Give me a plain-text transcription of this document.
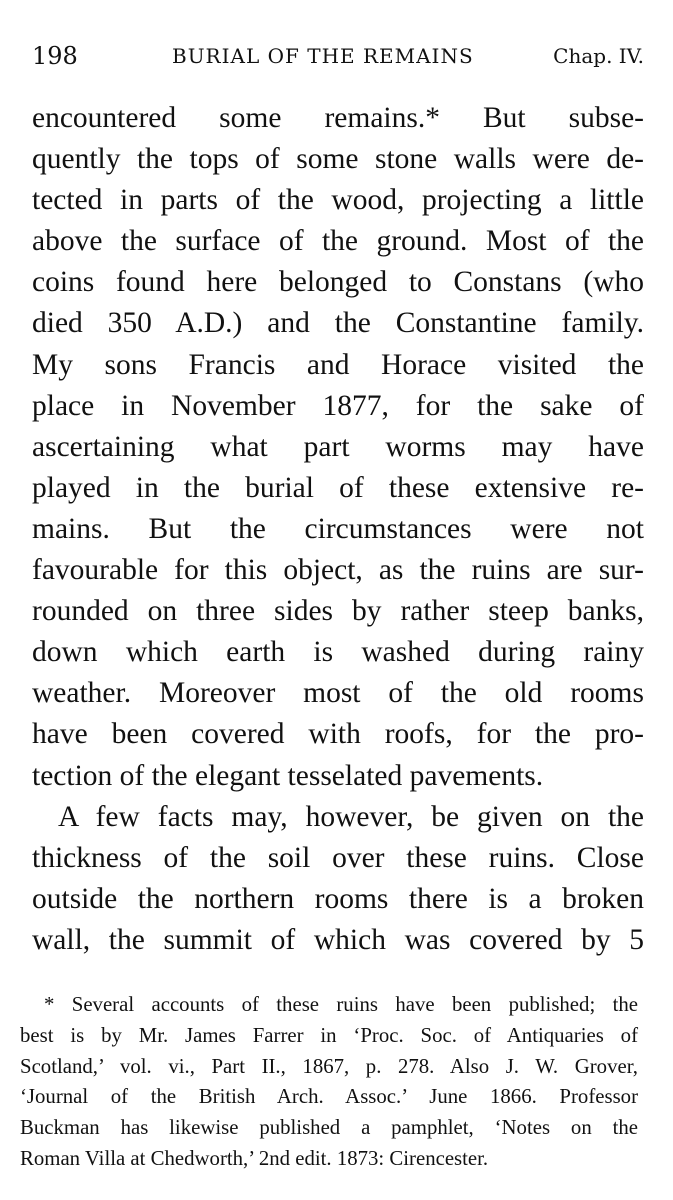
198	BURIAL OF THE REMAINS	Chap. IV.
encountered some remains.* But subse-
quently the tops of some stone walls were de-
tected in parts of the wood, projecting a little
above the surface of the ground. Most of the
coins found here belonged to Constans (who
died 350 A.D.) and the Constantine family.
My sons Francis and Horace visited the
place in November 1877, for the sake of
ascertaining what part worms may have
played in the burial of these extensive re-
mains. But the circumstances were not
favourable for this object, as the ruins are sur-
rounded on three sides by rather steep banks,
down which earth is washed during rainy
weather. Moreover most of the old rooms
have been covered with roofs, for the pro-
tection of the elegant tesselated pavements.
A few facts may, however, be given on the
thickness of the soil over these ruins. Close
outside the northern rooms there is a broken
wall, the summit of which was covered by 5
* Several accounts of these ruins have been published; the
best is by Mr. James Farrer in ‘Proc. Soc. of Antiquaries of
Scotland,’ vol. vi., Part II., 1867, p. 278. Also J. W. Grover,
‘Journal of the British Arch. Assoc.’ June 1866. Professor
Buckman has likewise published a pamphlet, ‘Notes on the
Roman Villa at Chedworth,’ 2nd edit. 1873: Cirencester.
